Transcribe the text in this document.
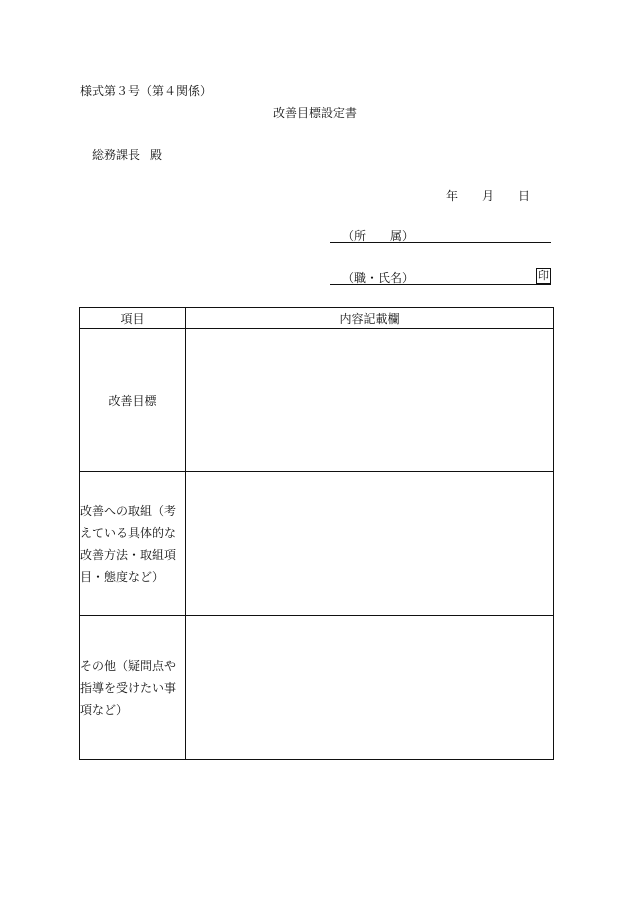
様式第３号（第４関係）
改善目標設定書
総務課長 殿
年 月 日
（所　　属）
（職・氏名）	印
項目	内容記載欄
改善目標	
改善への取組（考えている具体的な改善方法・取組項目・態度など）	
その他（疑問点や指導を受けたい事項など）	
